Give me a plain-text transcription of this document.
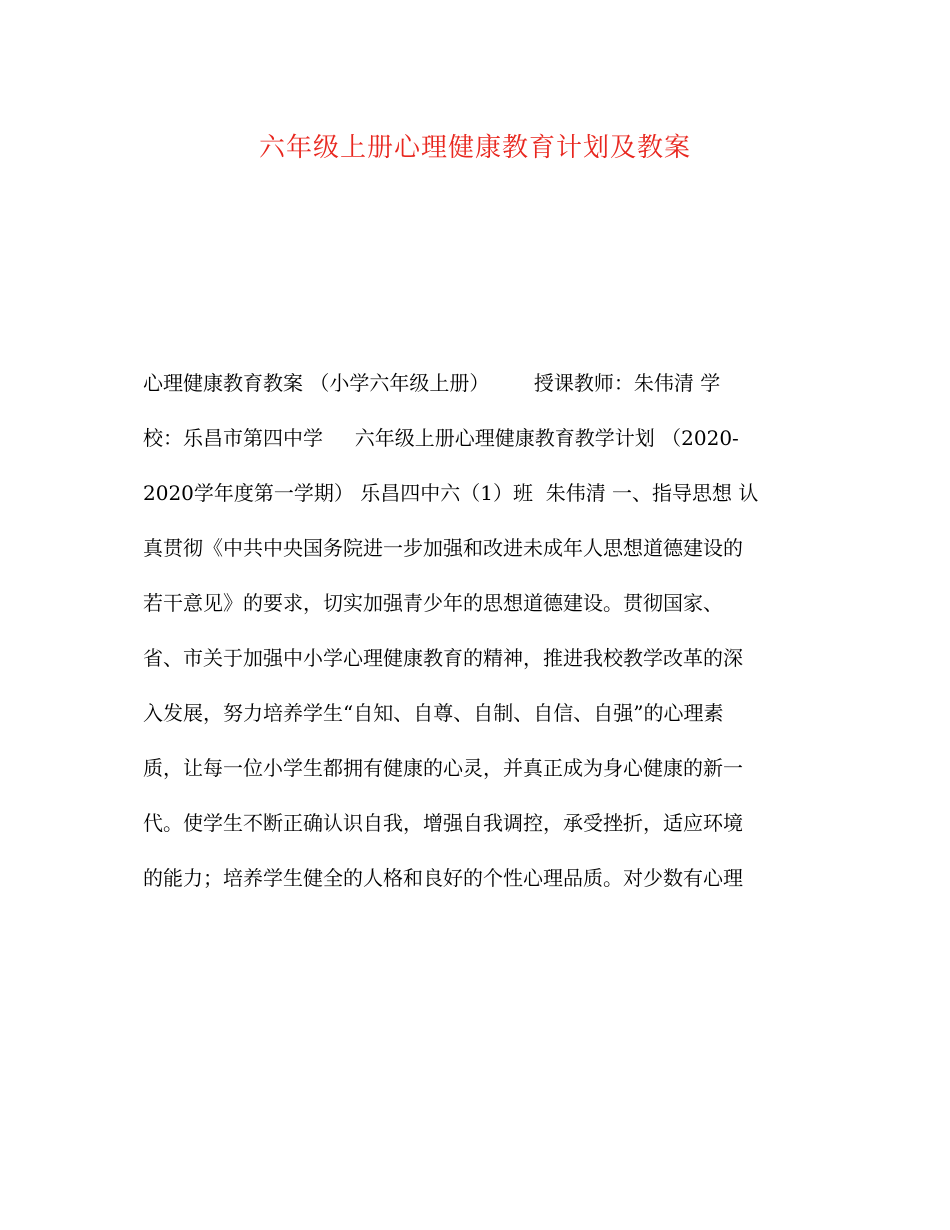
六年级上册心理健康教育计划及教案
心理健康教育教案 （小学六年级上册）       授课教师：朱伟清 学
校：乐昌市第四中学     六年级上册心理健康教育教学计划 （2020-
2020学年度第一学期） 乐昌四中六（1）班  朱伟清 一、指导思想 认
真贯彻《中共中央国务院进一步加强和改进未成年人思想道德建设的
若干意见》的要求，切实加强青少年的思想道德建设。贯彻国家、
省、市关于加强中小学心理健康教育的精神，推进我校教学改革的深
入发展，努力培养学生“自知、自尊、自制、自信、自强”的心理素
质，让每一位小学生都拥有健康的心灵，并真正成为身心健康的新一
代。使学生不断正确认识自我，增强自我调控，承受挫折，适应环境
的能力；培养学生健全的人格和良好的个性心理品质。对少数有心理
